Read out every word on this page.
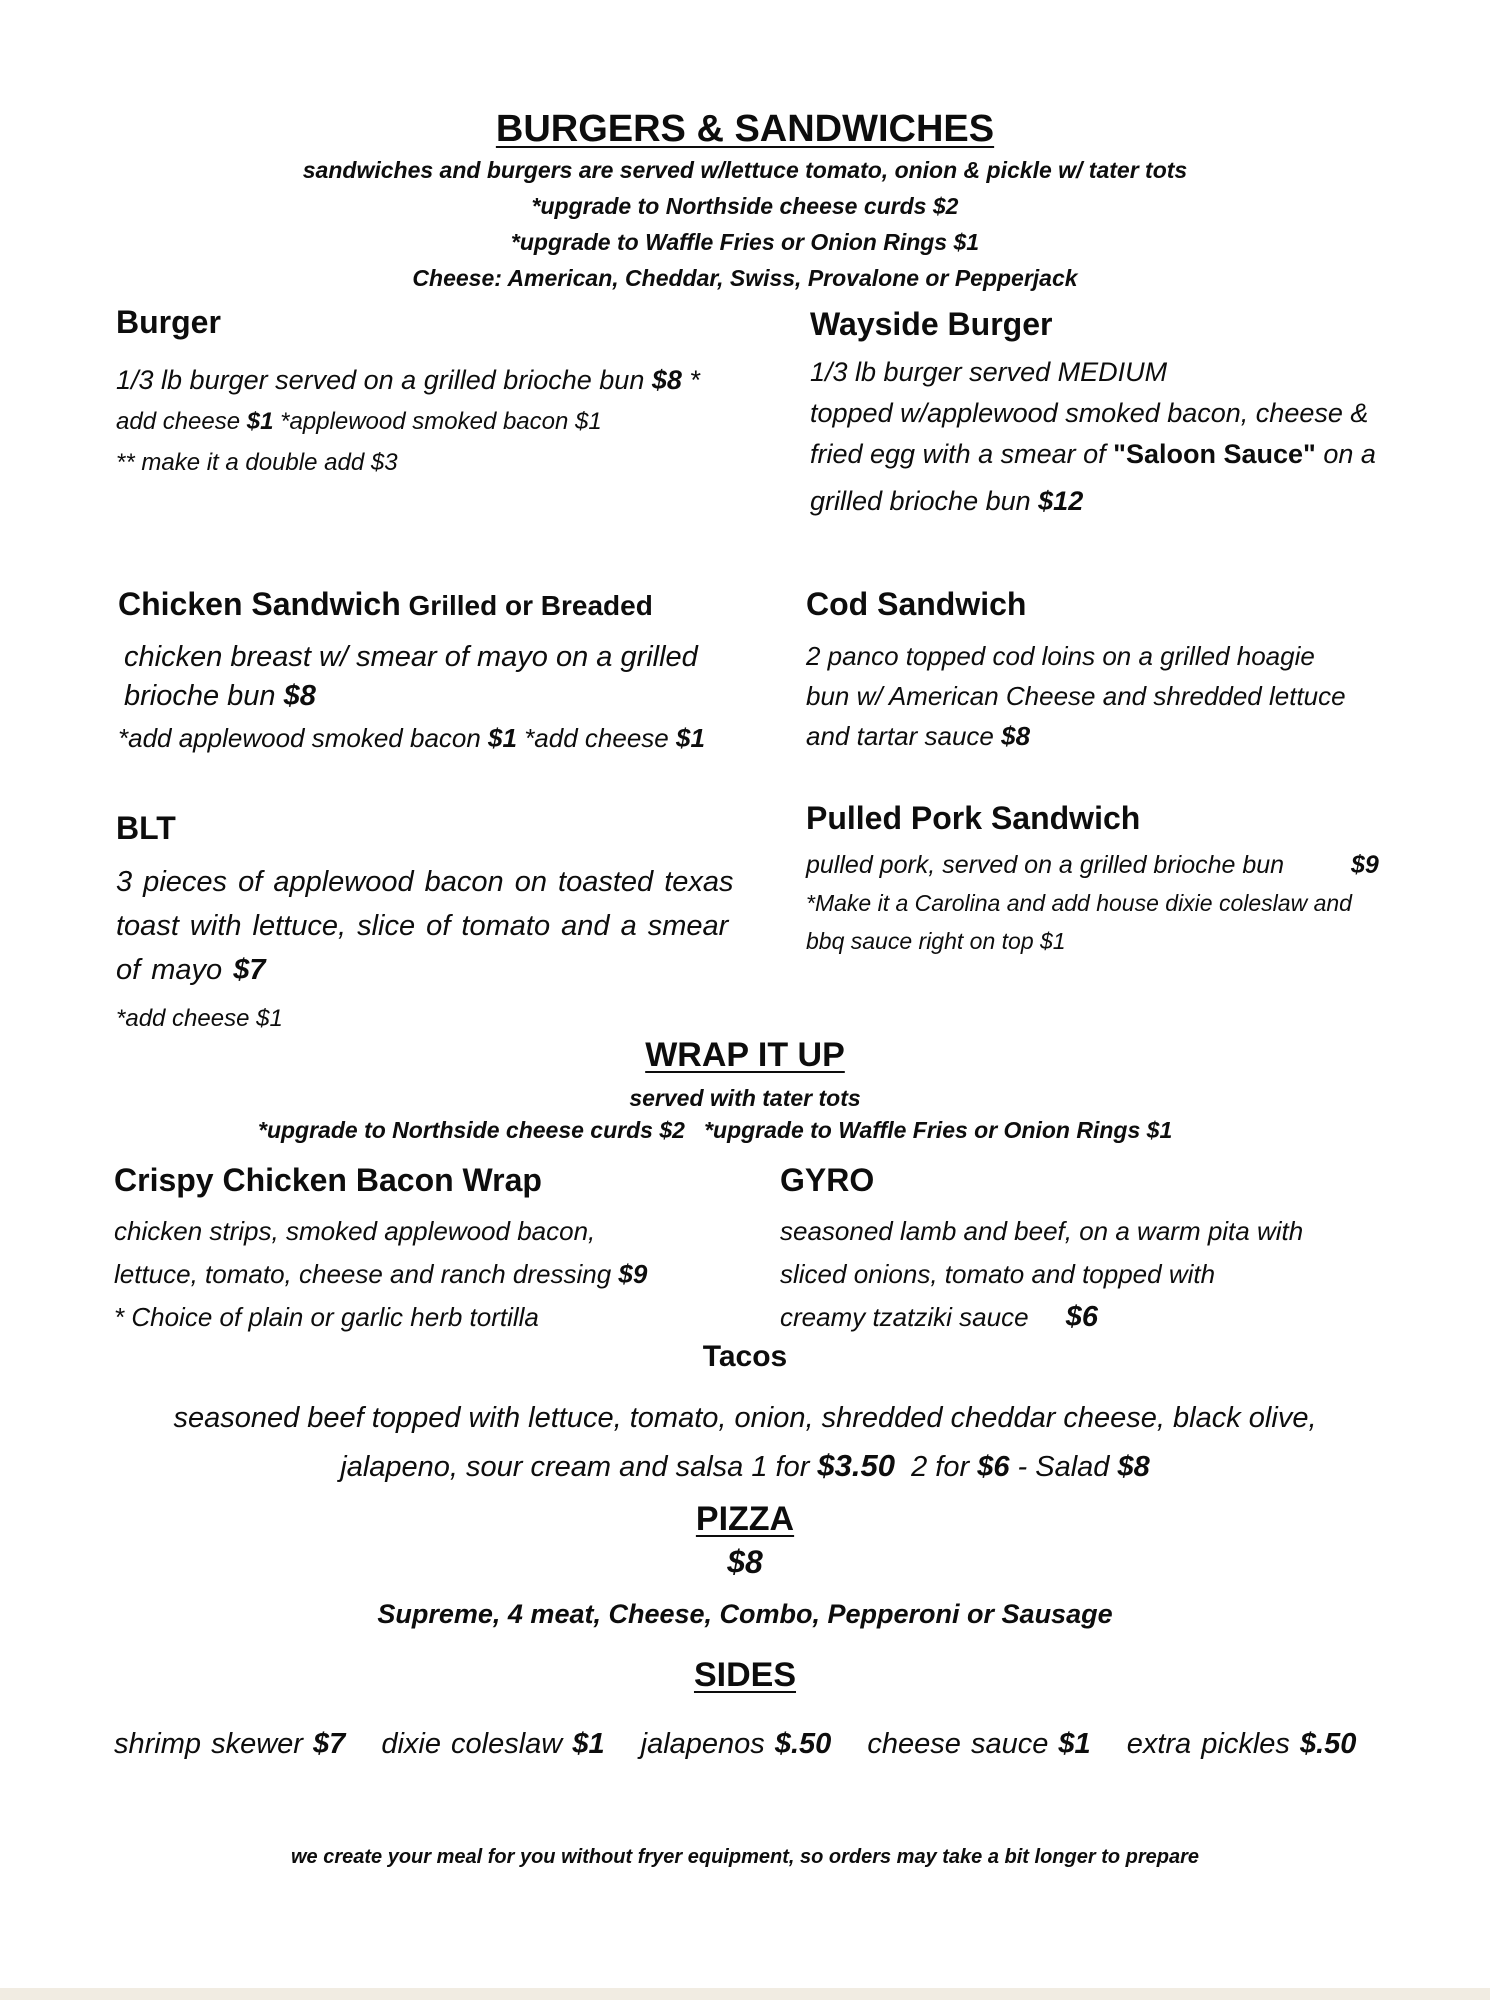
BURGERS & SANDWICHES
sandwiches and burgers are served w/lettuce tomato, onion & pickle w/ tater tots
*upgrade to Northside cheese curds $2
*upgrade to Waffle Fries or Onion Rings $1
Cheese: American, Cheddar, Swiss, Provalone or Pepperjack
Burger
1/3 lb burger served on a grilled brioche bun $8 *
add cheese $1 *applewood smoked bacon $1
** make it a double add $3
Wayside Burger
1/3 lb burger served MEDIUM
topped w/applewood smoked bacon, cheese &
fried egg with a smear of "Saloon Sauce" on a
grilled brioche bun $12
Chicken Sandwich Grilled or Breaded
chicken breast w/ smear of mayo on a grilled
brioche bun $8
*add applewood smoked bacon $1 *add cheese $1
Cod Sandwich
2 panco topped cod loins on a grilled hoagie
bun w/ American Cheese and shredded lettuce
and tartar sauce $8
BLT
3 pieces of applewood bacon on toasted texas
toast with lettuce, slice of tomato and a smear
of mayo $7
*add cheese $1
Pulled Pork Sandwich
pulled pork, served on a grilled brioche bun	$9
*Make it a Carolina and add house dixie coleslaw and
bbq sauce right on top $1
WRAP IT UP
served with tater tots
*upgrade to Northside cheese curds $2   *upgrade to Waffle Fries or Onion Rings $1
Crispy Chicken Bacon Wrap
chicken strips, smoked applewood bacon,
lettuce, tomato, cheese and ranch dressing $9
* Choice of plain or garlic herb tortilla
GYRO
seasoned lamb and beef, on a warm pita with
sliced onions, tomato and topped with
creamy tzatziki sauce $6
Tacos
seasoned beef topped with lettuce, tomato, onion, shredded cheddar cheese, black olive,
jalapeno, sour cream and salsa 1 for $3.50  2 for $6 - Salad $8
PIZZA
$8
Supreme, 4 meat, Cheese, Combo, Pepperoni or Sausage
SIDES
shrimp skewer $7 dixie coleslaw $1 jalapenos $.50 cheese sauce $1 extra pickles $.50
we create your meal for you without fryer equipment, so orders may take a bit longer to prepare
